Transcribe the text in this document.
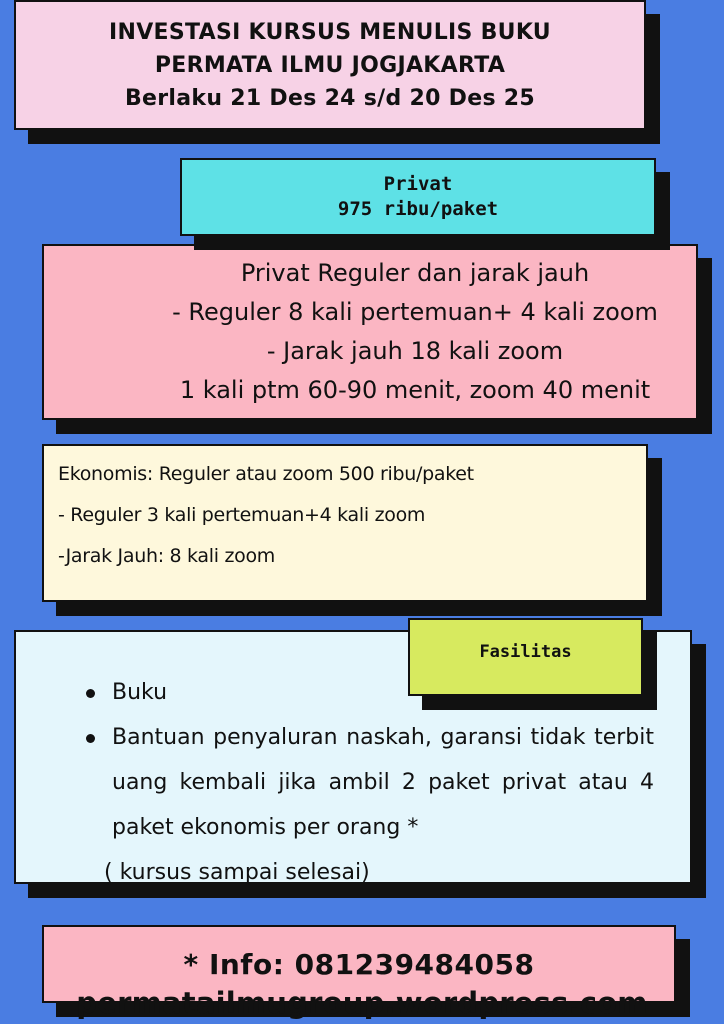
INVESTASI KURSUS MENULIS BUKU
PERMATA ILMU JOGJAKARTA
Berlaku 21 Des 24 s/d 20 Des 25
Privat Reguler dan jarak jauh
- Reguler 8 kali pertemuan+ 4 kali zoom
- Jarak jauh 18 kali zoom
1 kali ptm 60-90 menit, zoom 40 menit
Privat
975 ribu/paket
Ekonomis: Reguler atau zoom 500 ribu/paket
- Reguler 3 kali pertemuan+4 kali zoom
-Jarak Jauh: 8 kali zoom
Buku
Bantuan penyaluran naskah, garansi tidak terbit uang kembali jika ambil 2 paket privat atau 4 paket ekonomis per orang *
( kursus sampai selesai)
Fasilitas
* Info: 081239484058
permatailmugroup.wordpress.com
